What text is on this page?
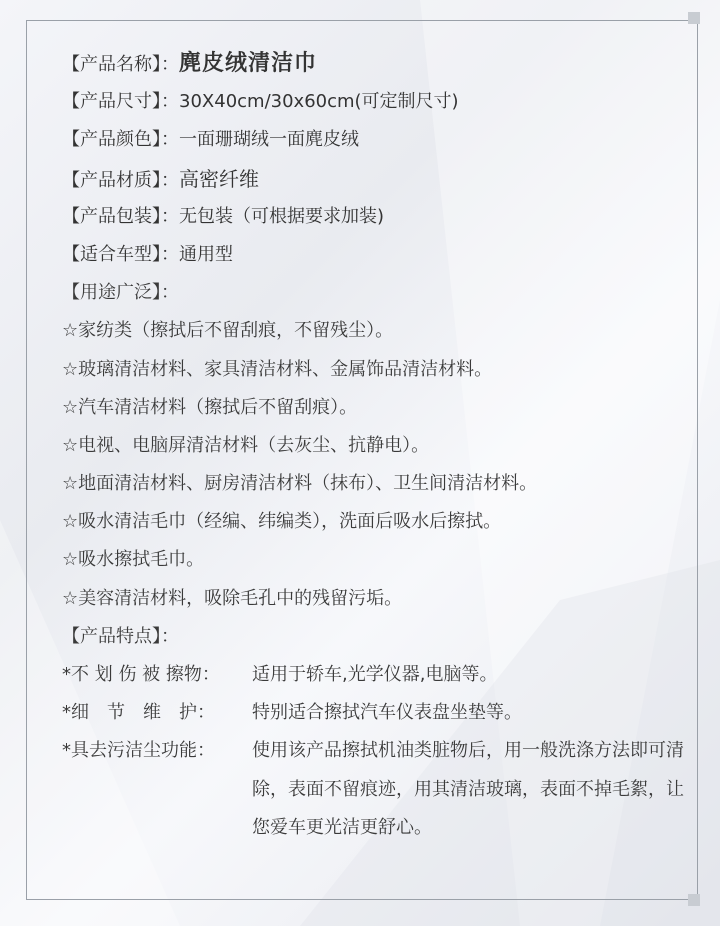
【产品名称】：麂皮绒清洁巾
【产品尺寸】：30X40cm/30x60cm(可定制尺寸)
【产品颜色】：一面珊瑚绒一面麂皮绒
【产品材质】：高密纤维
【产品包装】：无包装（可根据要求加装)
【适合车型】：通用型
【用途广泛】：
☆家纺类（擦拭后不留刮痕，不留残尘）。
☆玻璃清洁材料、家具清洁材料、金属饰品清洁材料。
☆汽车清洁材料（擦拭后不留刮痕）。
☆电视、电脑屏清洁材料（去灰尘、抗静电）。
☆地面清洁材料、厨房清洁材料（抹布）、卫生间清洁材料。
☆吸水清洁毛巾（经编、纬编类），洗面后吸水后擦拭。
☆吸水擦拭毛巾。
☆美容清洁材料，吸除毛孔中的残留污垢。
【产品特点】：
*不 划 伤 被 擦物：	适用于轿车,光学仪器,电脑等。
*细　节　维　护：	特别适合擦拭汽车仪表盘坐垫等。
*具去污洁尘功能：	使用该产品擦拭机油类脏物后，用一般洗涤方法即可清除，表面不留痕迹，用其清洁玻璃，表面不掉毛絮，让您爱车更光洁更舒心。
